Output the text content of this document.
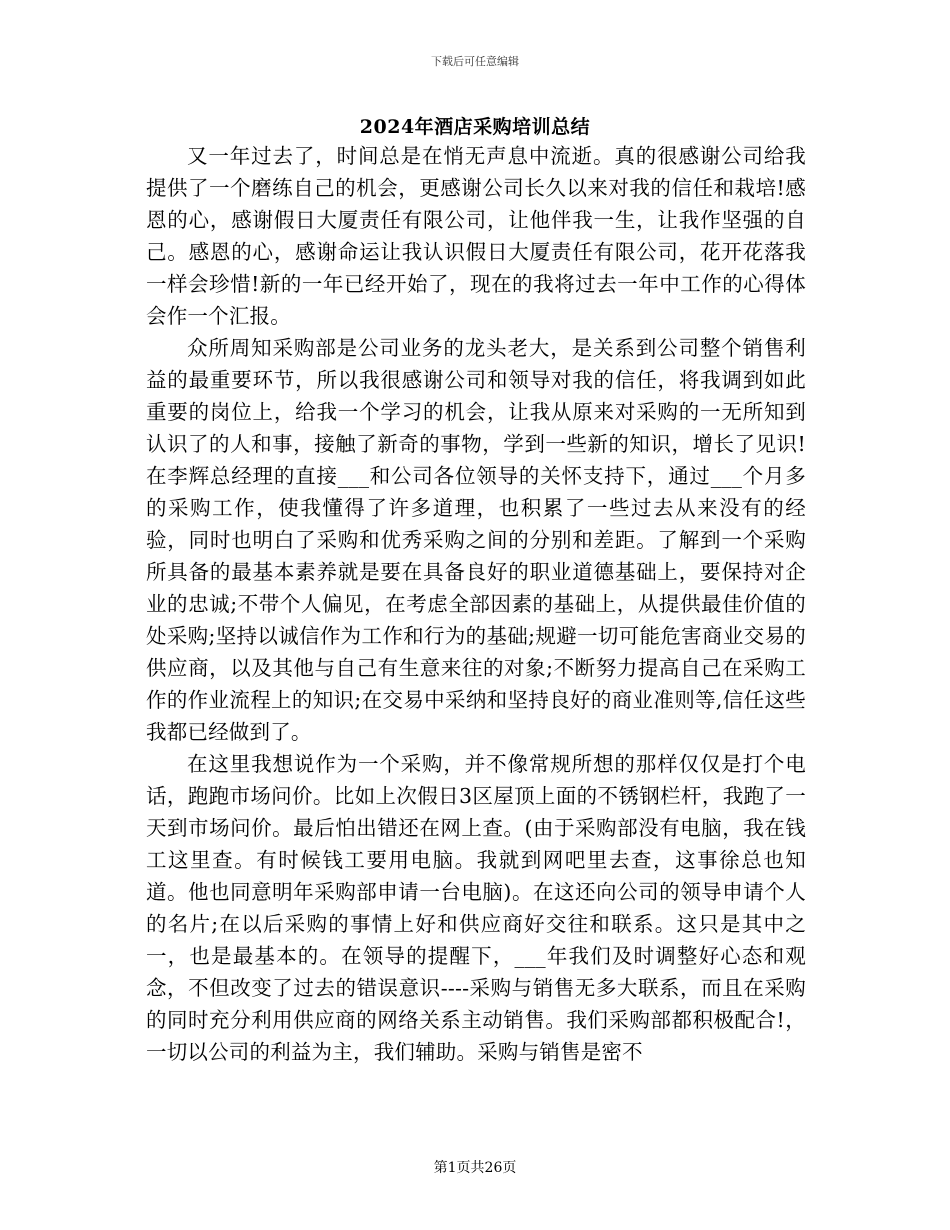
下载后可任意编辑
2024年酒店采购培训总结

又一年过去了，时间总是在悄无声息中流逝。真的很感谢公司给我提供了一个磨练自己的机会，更感谢公司长久以来对我的信任和栽培!感恩的心，感谢假日大厦责任有限公司，让他伴我一生，让我作坚强的自己。感恩的心，感谢命运让我认识假日大厦责任有限公司，花开花落我一样会珍惜!新的一年已经开始了，现在的我将过去一年中工作的心得体会作一个汇报。

众所周知采购部是公司业务的龙头老大，是关系到公司整个销售利益的最重要环节，所以我很感谢公司和领导对我的信任，将我调到如此重要的岗位上，给我一个学习的机会，让我从原来对采购的一无所知到认识了的人和事，接触了新奇的事物，学到一些新的知识，增长了见识!在李辉总经理的直接___和公司各位领导的关怀支持下，通过___个月多的采购工作，使我懂得了许多道理，也积累了一些过去从来没有的经验，同时也明白了采购和优秀采购之间的分别和差距。了解到一个采购所具备的最基本素养就是要在具备良好的职业道德基础上，要保持对企业的忠诚;不带个人偏见，在考虑全部因素的基础上，从提供最佳价值的处采购;坚持以诚信作为工作和行为的基础;规避一切可能危害商业交易的供应商，以及其他与自己有生意来往的对象;不断努力提高自己在采购工作的作业流程上的知识;在交易中采纳和坚持良好的商业准则等,信任这些我都已经做到了。

在这里我想说作为一个采购，并不像常规所想的那样仅仅是打个电话，跑跑市场问价。比如上次假日3区屋顶上面的不锈钢栏杆，我跑了一天到市场问价。最后怕出错还在网上查。(由于采购部没有电脑，我在钱工这里查。有时候钱工要用电脑。我就到网吧里去查，这事徐总也知道。他也同意明年采购部申请一台电脑)。在这还向公司的领导申请个人的名片;在以后采购的事情上好和供应商好交往和联系。这只是其中之一，也是最基本的。在领导的提醒下，___年我们及时调整好心态和观念，不但改变了过去的错误意识----采购与销售无多大联系，而且在采购的同时充分利用供应商的网络关系主动销售。我们采购部都积极配合!，一切以公司的利益为主，我们辅助。采购与销售是密不

第1页共26页
